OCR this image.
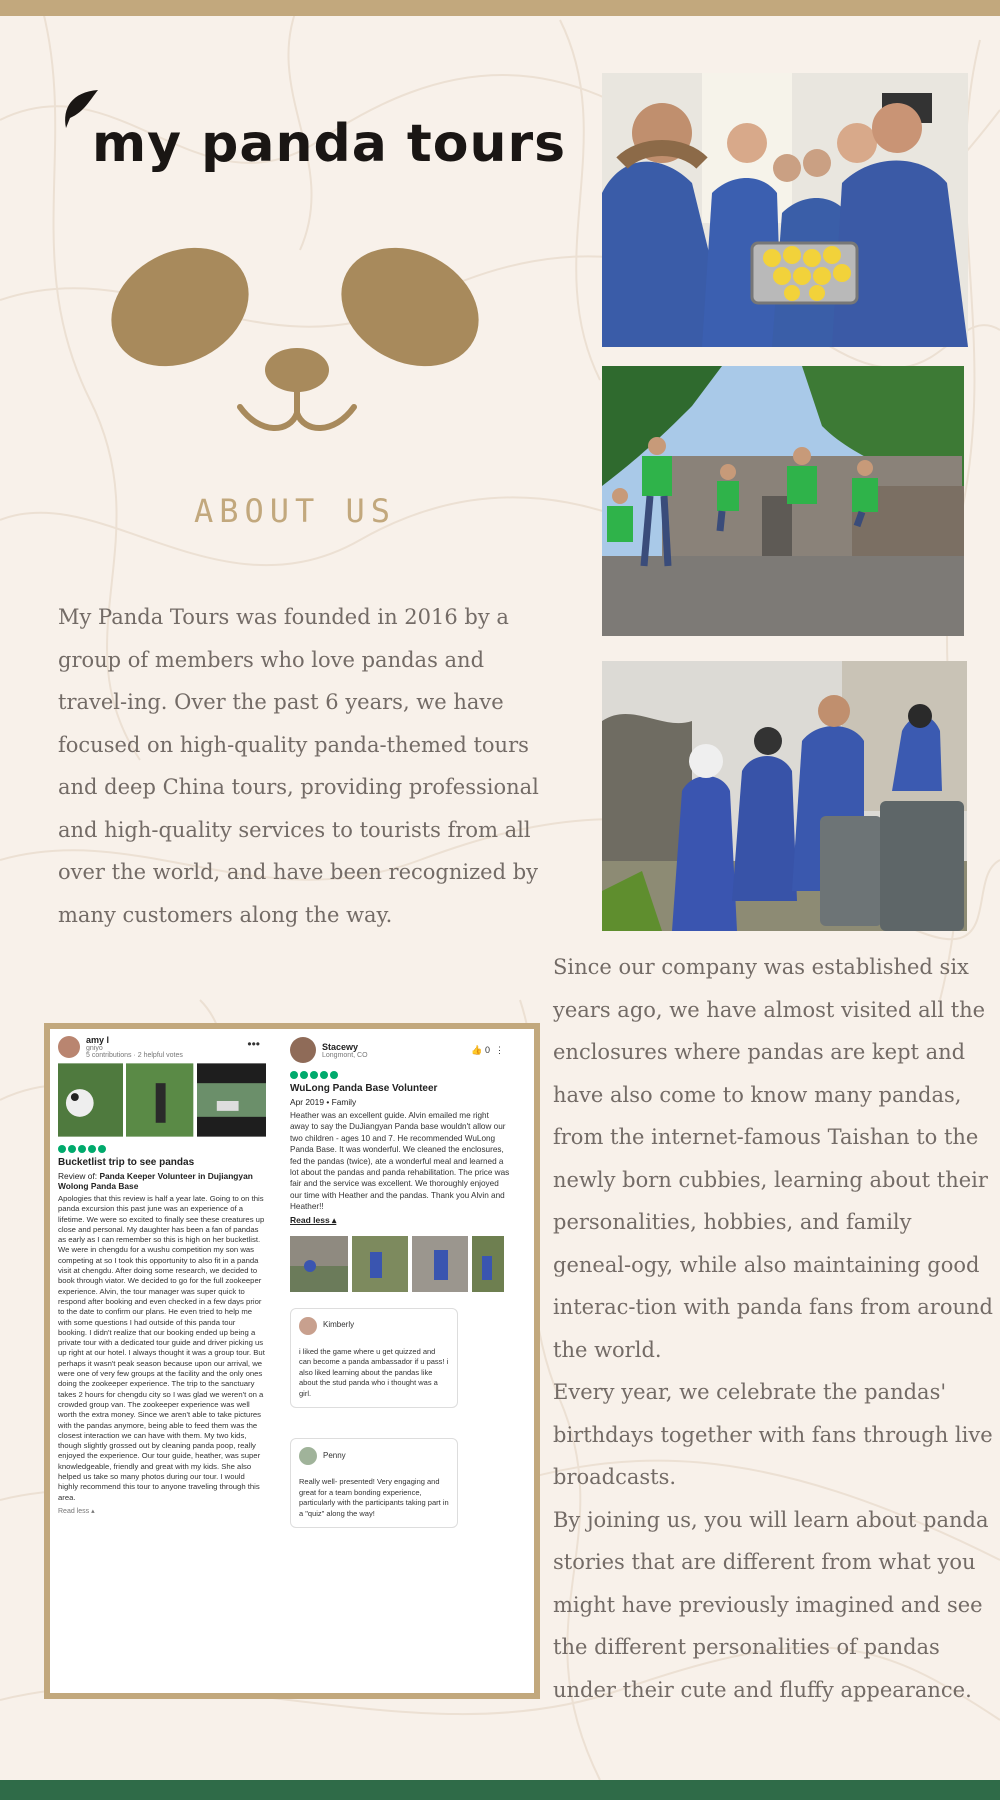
my panda tours
ABOUT US
My Panda Tours was founded in 2016 by a group of members who love pandas and travel-ing. Over the past 6 years, we have focused on high-quality panda-themed tours and deep China tours, providing professional and high-quality services to tourists from all over the world, and have been recognized by many customers along the way.

Since our company was established six years ago, we have almost visited all the enclosures where pandas are kept and have also come to know many pandas, from the internet-famous Taishan to the newly born cubbies, learning about their personalities, hobbies, and family geneal-ogy, while also maintaining good interac-tion with panda fans from around the world.

Every year, we celebrate the pandas' birthdays together with fans through live broadcasts.

By joining us, you will learn about panda stories that are different from what you might have previously imagined and see the different personalities of pandas under their cute and fluffy appearance.

amy l
gniyo
5 contributions · 2 helpful votes
•••
Bucketlist trip to see pandas
Review of: Panda Keeper Volunteer in Dujiangyan Wolong Panda Base
Apologies that this review is half a year late. Going to on this panda excursion this past june was an experience of a lifetime. We were so excited to finally see these creatures up close and personal. My daughter has been a fan of pandas as early as I can remember so this is high on her bucketlist. We were in chengdu for a wushu competition my son was competing at so I took this opportunity to also fit in a panda visit at chengdu. After doing some research, we decided to book through viator. We decided to go for the full zookeeper experience. Alvin, the tour manager was super quick to respond after booking and even checked in a few days prior to the date to confirm our plans. He even tried to help me with some questions I had outside of this panda tour booking. I didn't realize that our booking ended up being a private tour with a dedicated tour guide and driver picking us up right at our hotel. I always thought it was a group tour. But perhaps it wasn't peak season because upon our arrival, we were one of very few groups at the facility and the only ones doing the zookeeper experience. The trip to the sanctuary takes 2 hours for chengdu city so I was glad we weren't on a crowded group van. The zookeeper experience was well worth the extra money. Since we aren't able to take pictures with the pandas anymore, being able to feed them was the closest interaction we can have with them. My two kids, though slightly grossed out by cleaning panda poop, really enjoyed the experience. Our tour guide, heather, was super knowledgeable, friendly and great with my kids. She also helped us take so many photos during our tour. I would highly recommend this tour to anyone traveling through this area.
Read less ▴
Stacewy
Longmont, CO	👍 0  ⋮
WuLong Panda Base Volunteer
Apr 2019 • Family
Heather was an excellent guide. Alvin emailed me right away to say the DuJiangyan Panda base wouldn't allow our two children - ages 10 and 7. He recommended WuLong Panda Base. It was wonderful. We cleaned the enclosures, fed the pandas (twice), ate a wonderful meal and learned a lot about the pandas and panda rehabilitation. The price was fair and the service was excellent. We thoroughly enjoyed our time with Heather and the pandas. Thank you Alvin and Heather!!
Read less ▴
Kimberly
i liked the game where u get quizzed and can become a panda ambassador if u pass! i also liked learning about the pandas like about the stud panda who i thought was a girl.
Penny
Really well- presented! Very engaging and great for a team bonding experience, particularly with the participants taking part in a "quiz" along the way!
